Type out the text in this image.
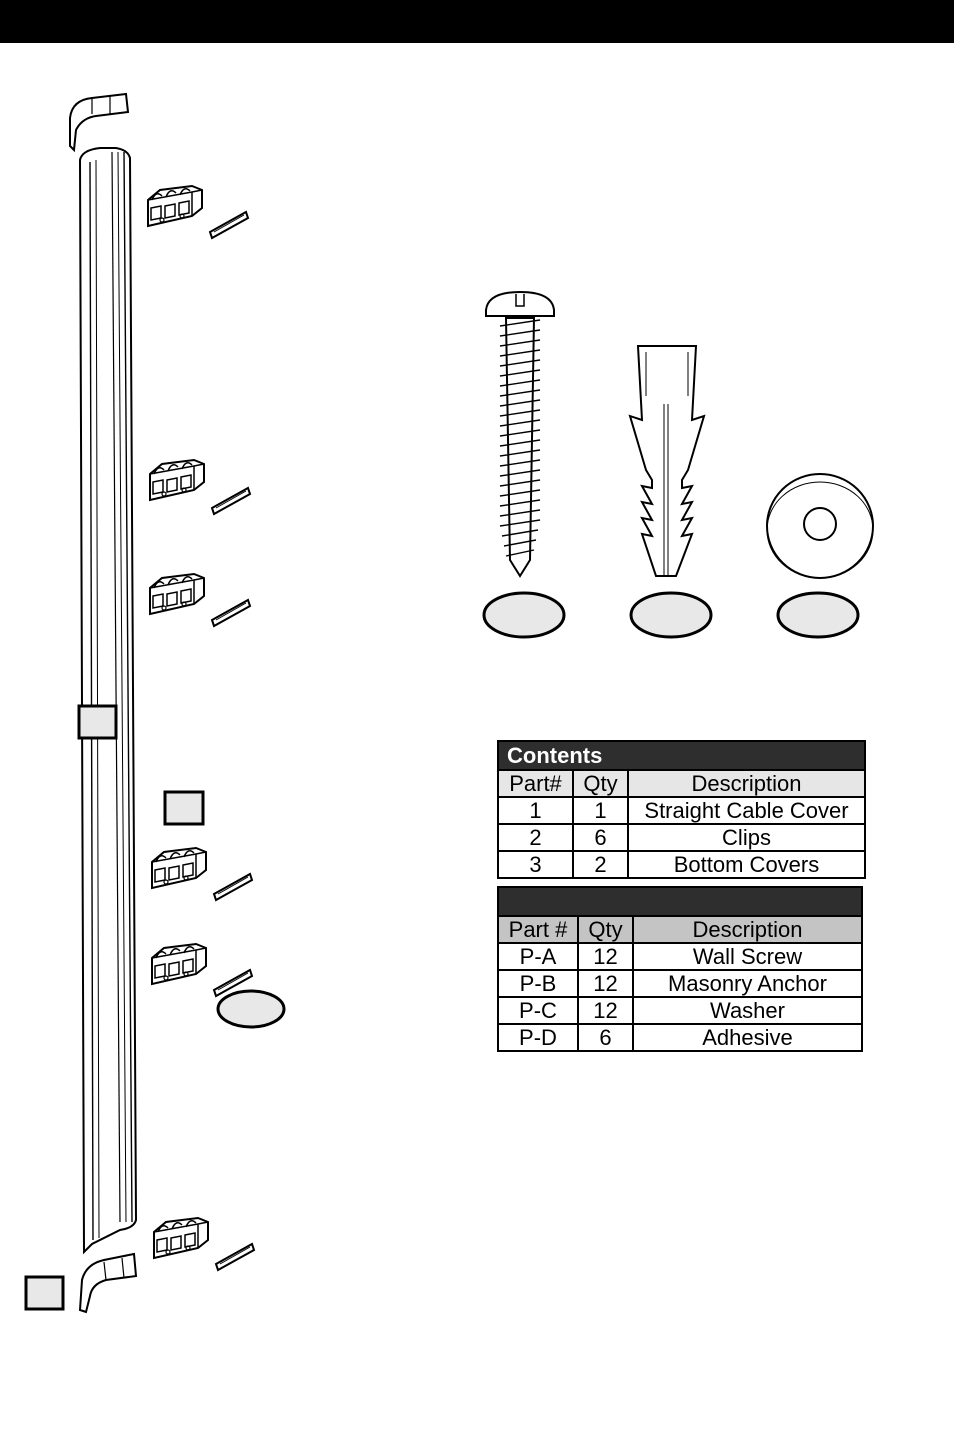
Contents		
Part#	Qty	Description
1	1	Straight Cable Cover
2	6	Clips
3	2	Bottom Covers

Part #	Qty	Description
P-A	12	Wall Screw
P-B	12	Masonry Anchor
P-C	12	Washer
P-D	6	Adhesive
